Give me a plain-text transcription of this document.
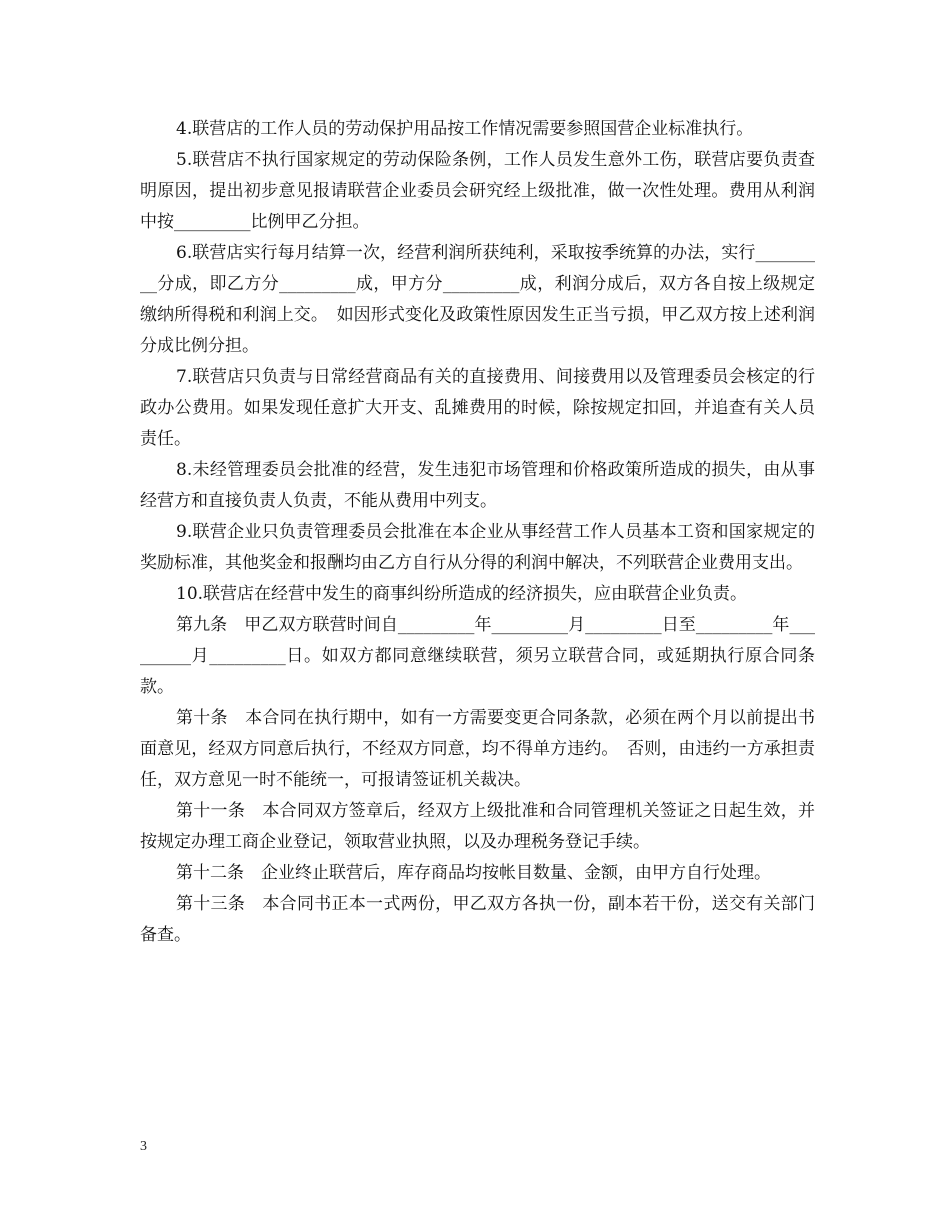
4.联营店的工作人员的劳动保护用品按工作情况需要参照国营企业标准执行。

5.联营店不执行国家规定的劳动保险条例，工作人员发生意外工伤，联营店要负责查明原因，提出初步意见报请联营企业委员会研究经上级批准，做一次性处理。费用从利润中按_________比例甲乙分担。

6.联营店实行每月结算一次，经营利润所获纯利，采取按季统算的办法，实行_________分成，即乙方分_________成，甲方分_________成，利润分成后，双方各自按上级规定缴纳所得税和利润上交。　如因形式变化及政策性原因发生正当亏损，甲乙双方按上述利润分成比例分担。

7.联营店只负责与日常经营商品有关的直接费用、间接费用以及管理委员会核定的行政办公费用。如果发现任意扩大开支、乱摊费用的时候，除按规定扣回，并追查有关人员责任。

8.未经管理委员会批准的经营，发生违犯市场管理和价格政策所造成的损失，由从事经营方和直接负责人负责，不能从费用中列支。

9.联营企业只负责管理委员会批准在本企业从事经营工作人员基本工资和国家规定的奖励标准，其他奖金和报酬均由乙方自行从分得的利润中解决，不列联营企业费用支出。

10.联营店在经营中发生的商事纠纷所造成的经济损失，应由联营企业负责。

第九条　甲乙双方联营时间自_________年_________月_________日至_________年_________月_________日。如双方都同意继续联营，须另立联营合同，或延期执行原合同条款。

第十条　本合同在执行期中，如有一方需要变更合同条款，必须在两个月以前提出书面意见，经双方同意后执行，不经双方同意，均不得单方违约。　否则，由违约一方承担责任，双方意见一时不能统一，可报请签证机关裁决。

第十一条　本合同双方签章后，经双方上级批准和合同管理机关签证之日起生效，并按规定办理工商企业登记，领取营业执照，以及办理税务登记手续。

第十二条　企业终止联营后，库存商品均按帐目数量、金额，由甲方自行处理。

第十三条　本合同书正本一式两份，甲乙双方各执一份，副本若干份，送交有关部门备查。

3
